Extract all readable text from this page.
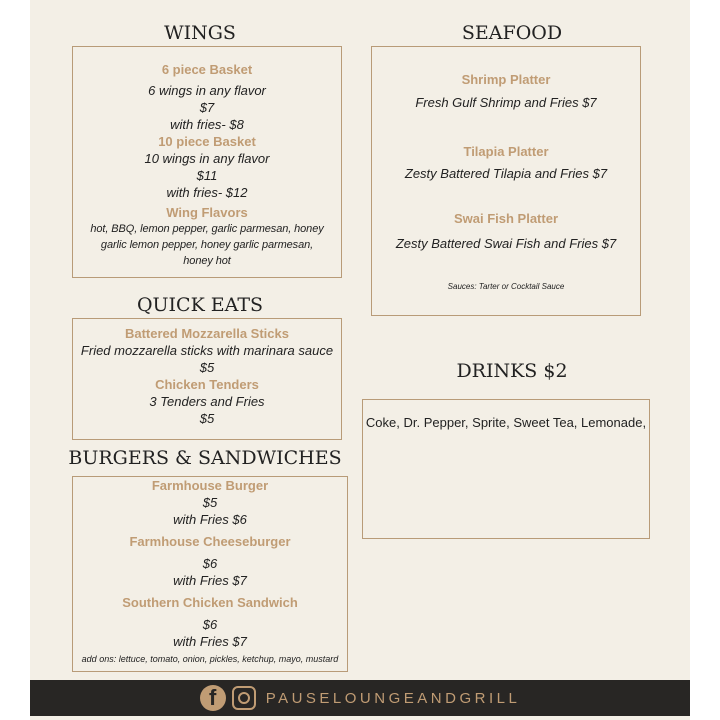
WINGS
6 piece Basket
6 wings in any flavor
$7
with fries- $8
10 piece Basket
10 wings in any flavor
$11
with fries- $12
Wing Flavors
hot, BBQ, lemon pepper, garlic parmesan, honey
garlic lemon pepper, honey garlic parmesan,
honey hot
QUICK EATS
Battered Mozzarella Sticks
Fried mozzarella sticks with marinara sauce
$5
Chicken Tenders
3 Tenders and Fries
$5
BURGERS & SANDWICHES
Farmhouse Burger
$5
with Fries $6
Farmhouse Cheeseburger
$6
with Fries $7
Southern Chicken Sandwich
$6
with Fries $7
add ons: lettuce, tomato, onion, pickles, ketchup, mayo, mustard
SEAFOOD
Shrimp Platter
Fresh Gulf Shrimp and Fries $7
Tilapia Platter
Zesty Battered Tilapia and Fries $7
Swai Fish Platter
Zesty Battered Swai Fish and Fries $7
Sauces: Tarter or Cocktail Sauce
DRINKS $2
Coke, Dr. Pepper, Sprite, Sweet Tea, Lemonade,
f	PAUSELOUNGEANDGRILL
